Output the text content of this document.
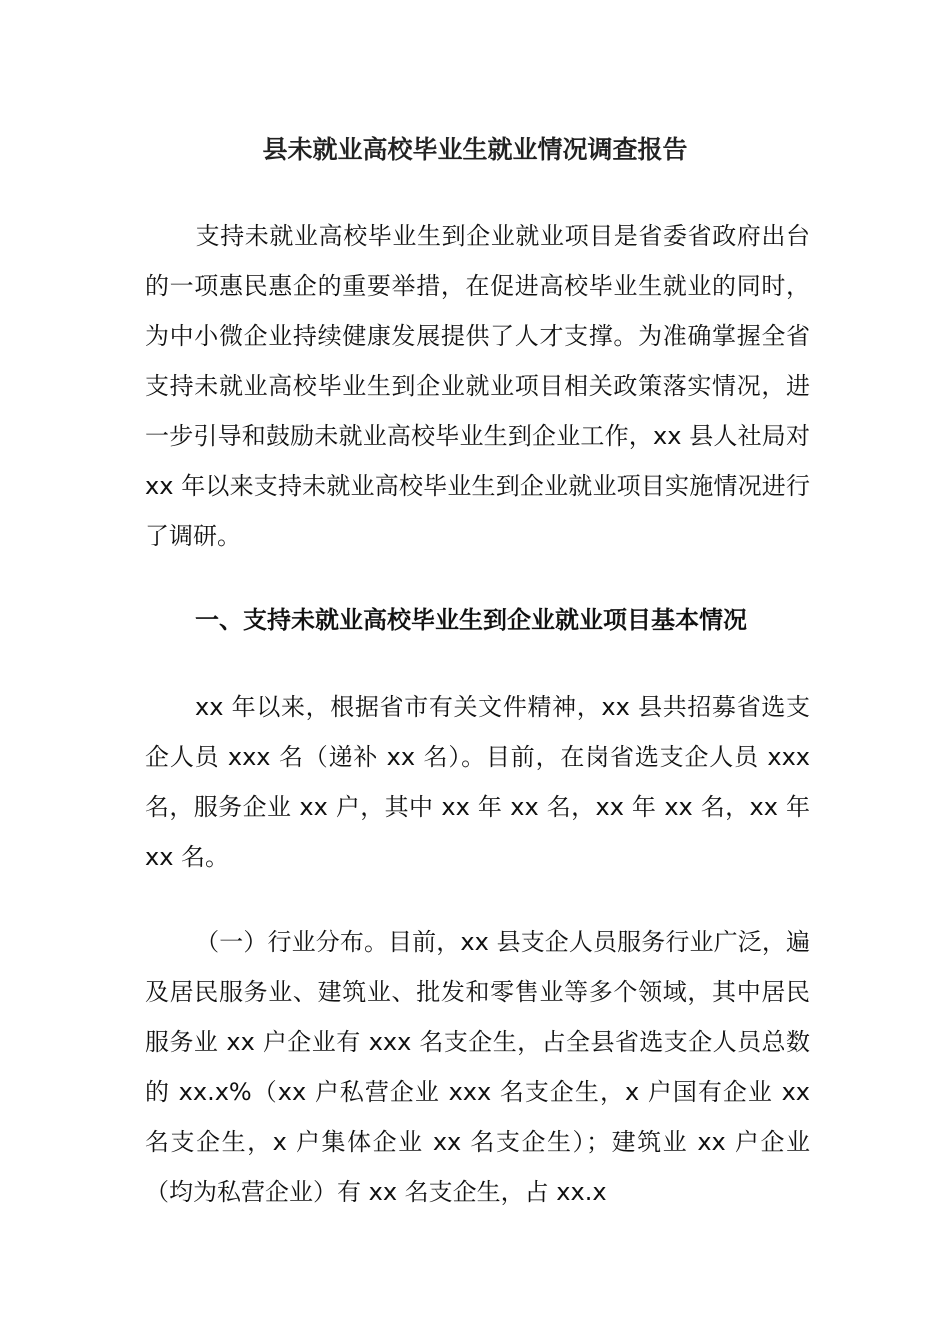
县未就业高校毕业生就业情况调查报告

支持未就业高校毕业生到企业就业项目是省委省政府出台的一项惠民惠企的重要举措，在促进高校毕业生就业的同时，为中小微企业持续健康发展提供了人才支撑。为准确掌握全省支持未就业高校毕业生到企业就业项目相关政策落实情况，进一步引导和鼓励未就业高校毕业生到企业工作，xx 县人社局对 xx 年以来支持未就业高校毕业生到企业就业项目实施情况进行了调研。

一、支持未就业高校毕业生到企业就业项目基本情况

xx 年以来，根据省市有关文件精神，xx 县共招募省选支企人员 xxx 名（递补 xx 名）。目前，在岗省选支企人员 xxx 名，服务企业 xx 户，其中 xx 年 xx 名，xx 年 xx 名，xx 年 xx 名。

（一）行业分布。目前，xx 县支企人员服务行业广泛，遍及居民服务业、建筑业、批发和零售业等多个领域，其中居民服务业 xx 户企业有 xxx 名支企生，占全县省选支企人员总数的 xx.x%（xx 户私营企业 xxx 名支企生，x 户国有企业 xx 名支企生，x 户集体企业 xx 名支企生）；建筑业 xx 户企业（均为私营企业）有 xx 名支企生，占 xx.x
